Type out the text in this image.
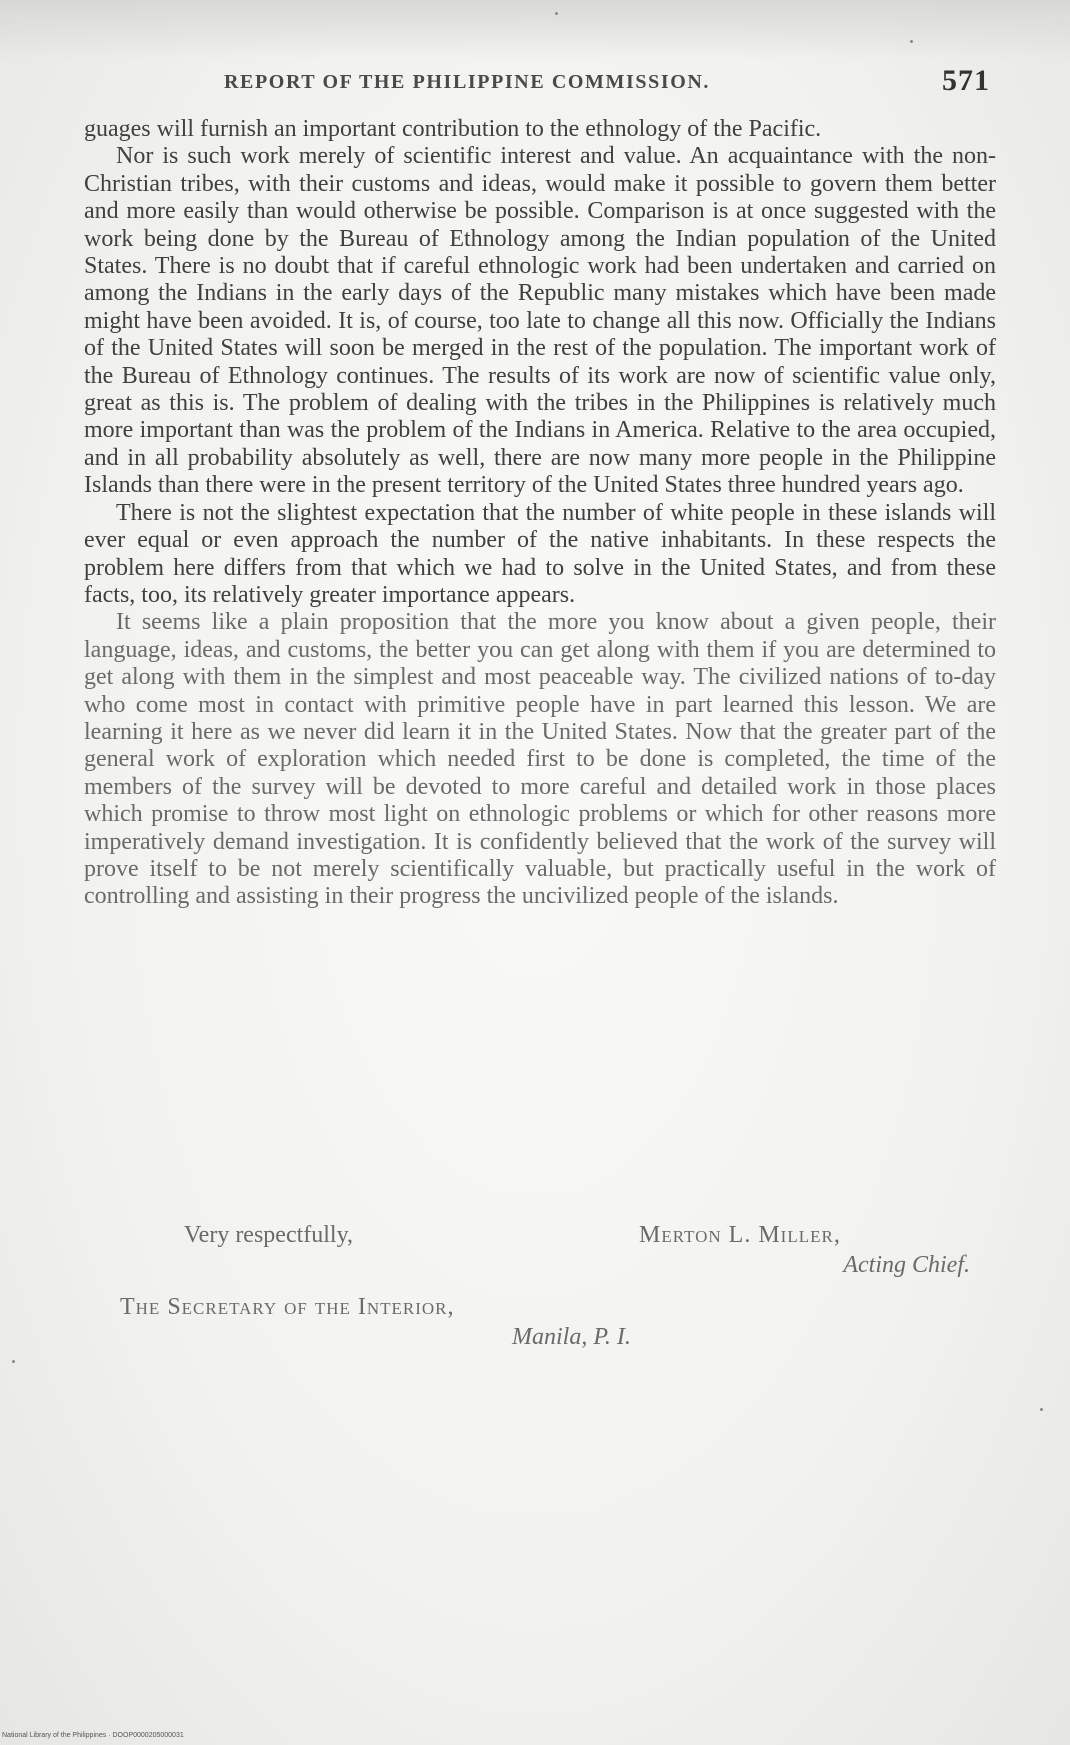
REPORT OF THE PHILIPPINE COMMISSION.	571

guages will furnish an important contribution to the ethnology of the Pacific.

Nor is such work merely of scientific interest and value. An acquaintance with the non-Christian tribes, with their customs and ideas, would make it possible to govern them better and more easily than would otherwise be possible. Comparison is at once suggested with the work being done by the Bureau of Ethnology among the Indian population of the United States. There is no doubt that if careful ethnologic work had been undertaken and carried on among the Indians in the early days of the Republic many mistakes which have been made might have been avoided. It is, of course, too late to change all this now. Officially the Indians of the United States will soon be merged in the rest of the population. The important work of the Bureau of Ethnology continues. The results of its work are now of scientific value only, great as this is. The problem of dealing with the tribes in the Philippines is relatively much more important than was the problem of the Indians in America. Relative to the area occupied, and in all probability absolutely as well, there are now many more people in the Philippine Islands than there were in the present territory of the United States three hundred years ago.

There is not the slightest expectation that the number of white people in these islands will ever equal or even approach the number of the native inhabitants. In these respects the problem here differs from that which we had to solve in the United States, and from these facts, too, its relatively greater importance appears.

It seems like a plain proposition that the more you know about a given people, their language, ideas, and customs, the better you can get along with them if you are determined to get along with them in the simplest and most peaceable way. The civilized nations of to-day who come most in contact with primitive people have in part learned this lesson. We are learning it here as we never did learn it in the United States. Now that the greater part of the general work of exploration which needed first to be done is completed, the time of the members of the survey will be devoted to more careful and detailed work in those places which promise to throw most light on ethnologic problems or which for other reasons more imperatively demand investigation. It is confidently believed that the work of the survey will prove itself to be not merely scientifically valuable, but practically useful in the work of controlling and assisting in their progress the uncivilized people of the islands.

Very respectfully,	Merton L. Miller,
Acting Chief.
The Secretary of the Interior,
Manila, P. I.
National Library of the Philippines · DOOP0000205000031
